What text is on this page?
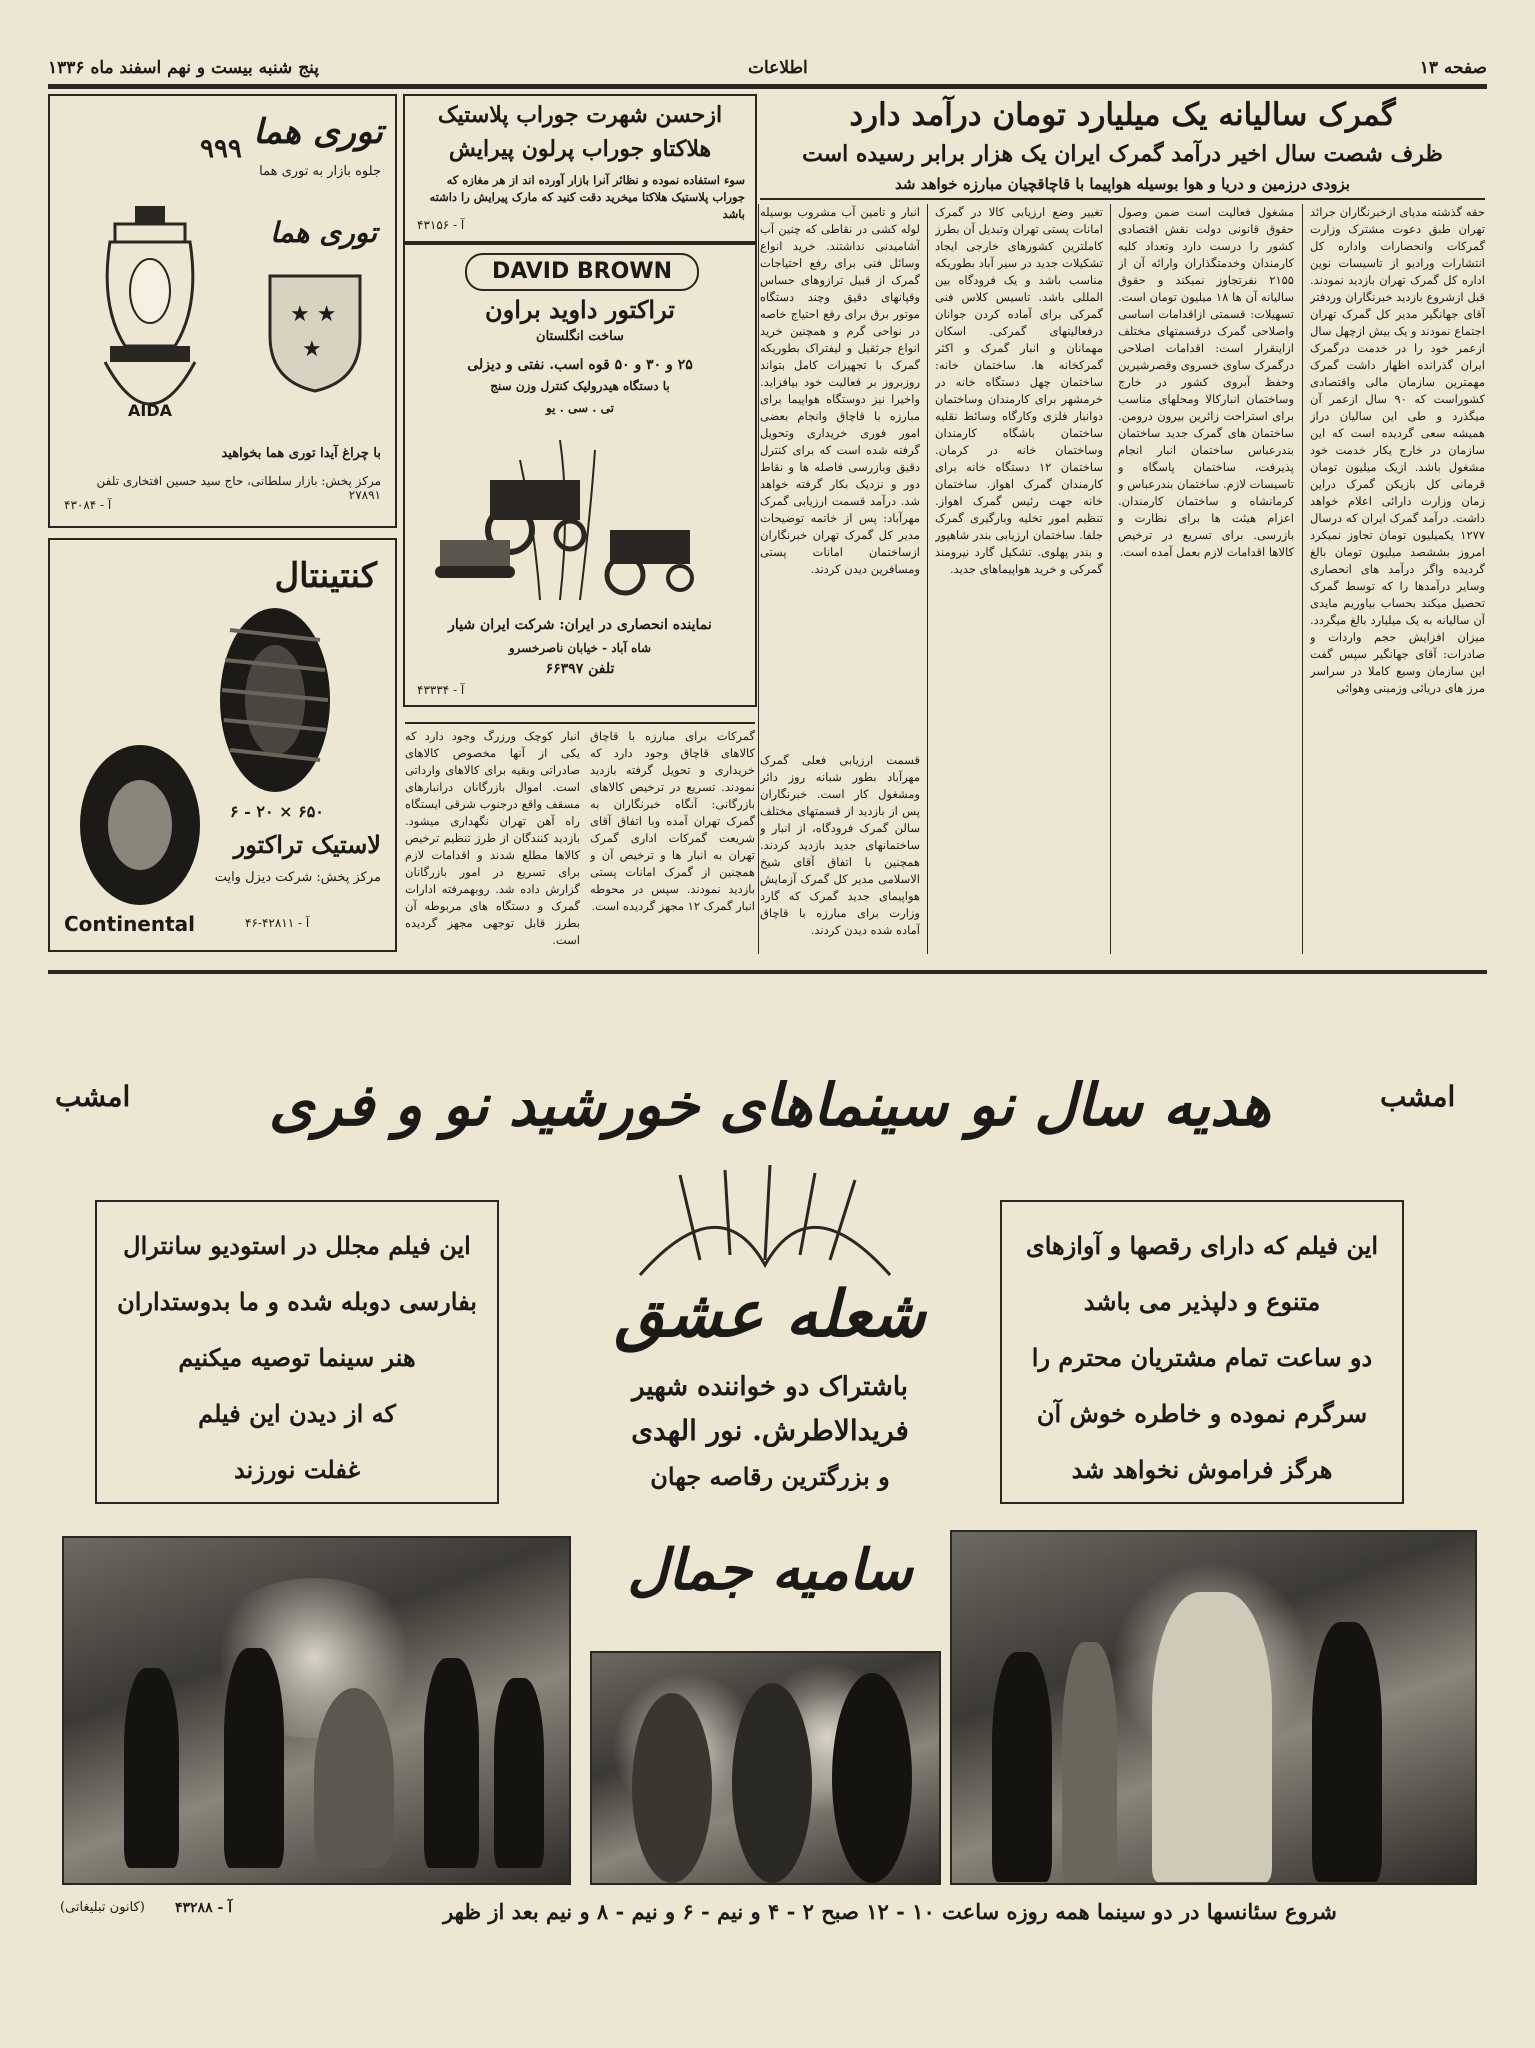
پنج شنبه بیست و نهم اسفند ماه ۱۳۳۶	اطلاعات	صفحه ۱۳
گمرک سالیانه یک میلیارد تومان درآمد دارد
ظرف شصت سال اخیر درآمد گمرک ایران یک هزار برابر رسیده است
بزودی درزمین و دریا و هوا بوسیله هواپیما با قاچاقچیان مبارزه خواهد شد
حقه گذشته مدیای ازخبرنگاران جرائد تهران طبق دعوت مشترک وزارت گمرکات وانحصارات واداره کل انتشارات ورادیو از تاسیسات نوین اداره کل گمرک تهران بازدید نمودند. قبل ازشروع بازدید خبرنگاران وردفتر آقای جهانگیر مدیر کل گمرک تهران اجتماع نمودند و یک بیش ازچهل سال ازعمر خود را در خدمت درگمرک ایران گذرانده اظهار داشت گمرک مهمترین سازمان مالی واقتصادی کشوراست که ۹۰ سال ازعمر آن میگذرد و طی این سالیان دراز همیشه سعی گردیده است که این سازمان در خارج یکار خدمت خود مشغول باشد. ازیک میلیون تومان قرمانی کل بازیکن گمرک دراین زمان وزارت دارائی اعلام خواهد داشت. درآمد گمرک ایران که درسال ۱۲۷۷ یکمیلیون تومان تجاوز نمیکرد امروز بششصد میلیون تومان بالغ گردیده واگر درآمد های انحصاری وسایر درآمدها را که توسط گمرک تحصیل میکند بحساب بیاوریم مایدی آن سالیانه به یک میلیارد بالغ میگردد. میزان افزایش حجم واردات و صادرات: آقای جهانگیر سپس گفت این سازمان وسیع کاملا در سراسر مرز های دریائی وزمینی وهوائی
مشغول فعالیت است ضمن وصول حقوق قانونی دولت نقش اقتصادی کشور را درست دارد وتعداد کلیه کارمندان وخدمتگذاران وارائه آن از ۲۱۵۵ نفرتجاوز نمیکند و حقوق سالیانه آن ها ۱۸ میلیون تومان است. تسهیلات: قسمتی ازاقدامات اساسی واصلاحی گمرک درقسمتهای مختلف ازاینقرار است: اقدامات اصلاحی درگمرک ساوی خسروی وقصرشیرین وحفظ آبروی کشور در خارج وساختمان انبارکالا ومحلهای مناسب برای استراحت زائرین بیرون درومن. ساختمان های گمرک جدید ساختمان بندرعباس ساختمان انبار انجام پذیرفت، ساختمان پاسگاه و تاسیسات لازم. ساختمان بندرعباس و کرمانشاه و ساختمان کارمندان. اعزام هیئت ها برای نظارت و بازرسی. برای تسریع در ترخیص کالاها اقدامات لازم بعمل آمده است.
تغییر وضع ارزیابی کالا در گمرک امانات پستی تهران وتبدیل آن بطرز کاملترین کشورهای خارجی ایجاد تشکیلات جدید در سیر آباد بطوریکه مناسب باشد و یک فرودگاه بین المللی باشد. تاسیس کلاس فنی گمرکی برای آماده کردن جوانان درفعالیتهای گمرکی. اسکان مهمانان و انبار گمرک و اکثر گمرکخانه ها. ساختمان خانه: ساختمان چهل دستگاه خانه در خرمشهر برای کارمندان وساختمان دوانبار فلزی وکارگاه وسائط نقلیه ساختمان باشگاه کارمندان وساختمان خانه در کرمان. ساختمان ۱۲ دستگاه خانه برای کارمندان گمرک اهواز. ساختمان خانه جهت رئیس گمرک اهواز. تنظیم امور تخلیه وبارگیری گمرک جلفا. ساختمان ارزیابی بندر شاهپور و بندر پهلوی. تشکیل گارد نیرومند گمرکی و خرید هواپیماهای جدید.
انبار و تامین آب مشروب بوسیله لوله کشی در نقاطی که چنین آب آشامیدنی نداشتند. خرید انواع وسائل فنی برای رفع احتیاجات گمرک از قبیل ترازوهای حساس وقپانهای دقیق وچند دستگاه موتور برق برای رفع احتیاج خاصه در نواحی گرم و همچنین خرید انواع جرثقیل و لیفتراک بطوریکه گمرک با تجهیزات کامل بتواند روزبروز بر فعالیت خود بیافزاید. واخیرا نیز دوستگاه هواپیما برای مبارزه با قاچاق وانجام بعضی امور فوری خریداری وتحویل گرفته شده است که برای کنترل دقیق وبازرسی فاصله ها و نقاط دور و نزدیک بکار گرفته خواهد شد. درآمد قسمت ارزیابی گمرک مهرآباد: پس از خاتمه توضیحات مدیر کل گمرک تهران خبرنگاران ازساختمان امانات پستی ومسافرین دیدن کردند.
گمرکات برای مبارزه با قاچاق کالاهای قاچاق وجود دارد که خریداری و تحویل گرفته بازدید نمودند. تسریع در ترخیص کالاهای بازرگانی: آنگاه خبرنگاران به گمرک تهران آمده وبا اتفاق آقای شریعت گمرکات اداری گمرک تهران به انبار ها و ترخیص آن و همچنین از گمرک امانات پستی بازدید نمودند. سپس در محوطه انبار گمرک ۱۲ مجهز گردیده است.
انبار کوچک ورزرگ وجود دارد که یکی از آنها مخصوص کالاهای صادراتی وبقیه برای کالاهای وارداتی است. اموال بازرگانان درانبارهای مسقف واقع درجنوب شرقی ایستگاه راه آهن تهران نگهداری میشود. بازدید کنندگان از طرز تنظیم ترخیص کالاها مطلع شدند و اقدامات لازم برای تسریع در امور بازرگانان گزارش داده شد. روبهمرفته ادارات گمرک و دستگاه های مربوطه آن بطرز قابل توجهی مجهز گردیده است.
قسمت ارزیابی فعلی گمرک مهرآباد بطور شبانه روز دائر ومشغول کار است. خبرنگاران پس از بازدید از قسمتهای مختلف سالن گمرک فرودگاه، از انبار و ساختمانهای جدید بازدید کردند. همچنین با اتفاق آقای شیخ الاسلامی مدیر کل گمرک آزمایش هواپیمای جدید گمرک که گارد وزارت برای مبارزه با قاچاق آماده شده دیدن کردند.
توری هما
۹۹۹
جلوه بازار به توری هما
توری هما
AIDA
★ ★
★
با چراغ آیدا توری هما بخواهید
مرکز پخش: بازار سلطانی، حاج سید حسین افتخاری تلفن ۲۷۸۹۱
آ - ۴۳۰۸۴
ازحسن شهرت جوراب پلاستیک
هلاکتاو جوراب پرلون پیرایش
سوء استفاده نموده و نظائر آنرا بازار آورده اند از هر مغازه که جوراب پلاستیک هلاکتا میخرید دقت کنید که مارک پیرایش را داشته باشد
آ - ۴۳۱۵۶
DAVID BROWN
تراکتور داوید براون
ساخت انگلستان
۲۵ و ۳۰ و ۵۰ قوه اسب. نفتی و دیزلی
با دستگاه هیدرولیک کنترل وزن سنج
تی . سی . یو
نماینده انحصاری در ایران: شرکت ایران شیار
شاه آباد - خیابان ناصرخسرو
تلفن ۶۶۳۹۷
آ - ۴۳۳۳۴
کنتینتال
۶۵۰ × ۲۰ - ۶
لاستیک تراکتور
مرکز پخش: شرکت دیزل وایت
Continental	آ - ۴۲۸۱۱-۴۶
امشب
امشب	هدیه سال نو سینماهای خورشید نو و فری
این فیلم مجلل در استودیو سانترال
بفارسی دوبله شده و ما بدوستداران
هنر سینما توصیه میکنیم
که از دیدن این فیلم
غفلت نورزند
این فیلم که دارای رقصها و آوازهای
متنوع و دلپذیر می باشد
دو ساعت تمام مشتریان محترم را
سرگرم نموده و خاطره خوش آن
هرگز فراموش نخواهد شد
شعله عشق
باشتراک دو خواننده شهیر
فریدالاطرش. نور الهدی
و بزرگترین رقاصه جهان
سامیه جمال
شروع سئانسها در دو سینما همه روزه ساعت ۱۰ - ۱۲ صبح ۲ - ۴ و نیم - ۶ و نیم - ۸ و نیم بعد از ظهر
آ - ۴۳۲۸۸
(کانون تبلیغاتی)
